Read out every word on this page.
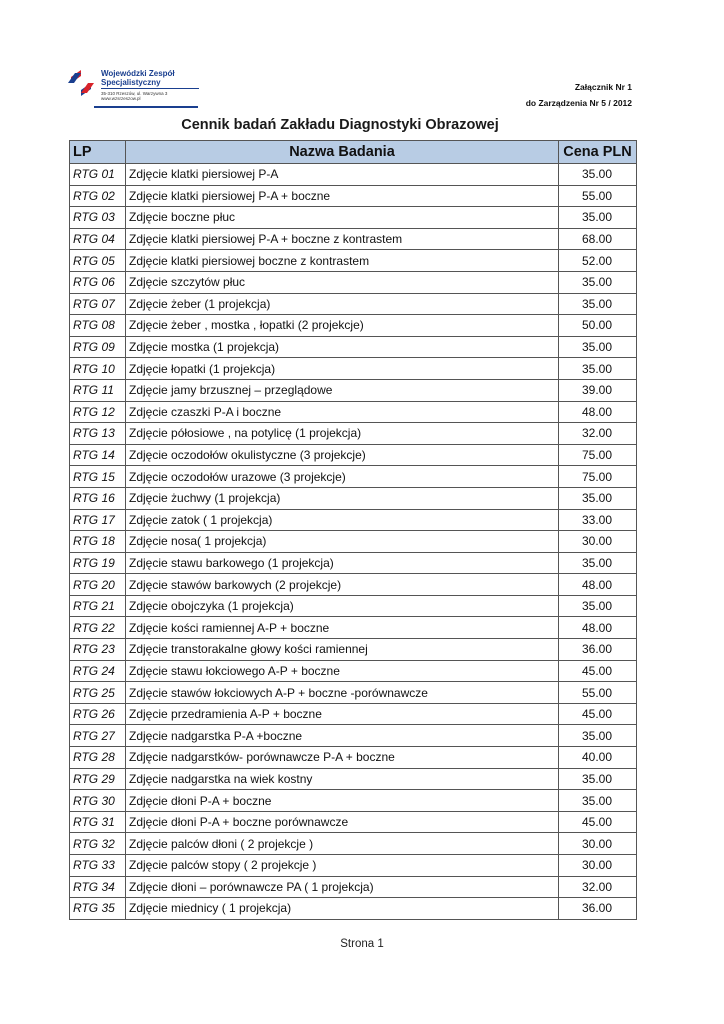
Wojewódzki Zespół
Specjalistyczny
35-310 Rzeszów, ul. Warzywna 3
www.wzsrzeszow.pl
Załącznik Nr 1
do Zarządzenia Nr 5 / 2012
Cennik badań Zakładu Diagnostyki Obrazowej
LP	Nazwa Badania	Cena PLN
RTG 01	Zdjęcie klatki piersiowej P-A	35.00
RTG 02	Zdjęcie klatki piersiowej P-A + boczne	55.00
RTG 03	Zdjęcie boczne płuc	35.00
RTG 04	Zdjęcie klatki piersiowej P-A + boczne z kontrastem	68.00
RTG 05	Zdjęcie klatki piersiowej boczne z kontrastem	52.00
RTG 06	Zdjęcie szczytów płuc	35.00
RTG 07	Zdjęcie żeber (1 projekcja)	35.00
RTG 08	Zdjęcie żeber , mostka , łopatki (2 projekcje)	50.00
RTG 09	Zdjęcie mostka (1 projekcja)	35.00
RTG 10	Zdjęcie łopatki (1 projekcja)	35.00
RTG 11	Zdjęcie jamy brzusznej – przeglądowe	39.00
RTG 12	Zdjęcie czaszki P-A i boczne	48.00
RTG 13	Zdjęcie półosiowe , na potylicę (1 projekcja)	32.00
RTG 14	Zdjęcie oczodołów okulistyczne (3 projekcje)	75.00
RTG 15	Zdjęcie oczodołów urazowe (3 projekcje)	75.00
RTG 16	Zdjęcie żuchwy (1 projekcja)	35.00
RTG 17	Zdjęcie zatok ( 1 projekcja)	33.00
RTG 18	Zdjęcie nosa( 1 projekcja)	30.00
RTG 19	Zdjęcie stawu barkowego (1 projekcja)	35.00
RTG 20	Zdjęcie stawów barkowych (2 projekcje)	48.00
RTG 21	Zdjęcie obojczyka (1 projekcja)	35.00
RTG 22	Zdjęcie kości ramiennej A-P + boczne	48.00
RTG 23	Zdjęcie transtorakalne głowy kości ramiennej	36.00
RTG 24	Zdjęcie stawu łokciowego A-P + boczne	45.00
RTG 25	Zdjęcie stawów łokciowych A-P + boczne -porównawcze	55.00
RTG 26	Zdjęcie przedramienia A-P + boczne	45.00
RTG 27	Zdjęcie nadgarstka P-A +boczne	35.00
RTG 28	Zdjęcie nadgarstków- porównawcze P-A + boczne	40.00
RTG 29	Zdjęcie nadgarstka na wiek kostny	35.00
RTG 30	Zdjęcie dłoni P-A + boczne	35.00
RTG 31	Zdjęcie dłoni P-A + boczne porównawcze	45.00
RTG 32	Zdjęcie palców dłoni ( 2 projekcje )	30.00
RTG 33	Zdjęcie palców stopy ( 2 projekcje )	30.00
RTG 34	Zdjęcie dłoni – porównawcze PA ( 1 projekcja)	32.00
RTG 35	Zdjęcie miednicy ( 1 projekcja)	36.00
Strona 1
